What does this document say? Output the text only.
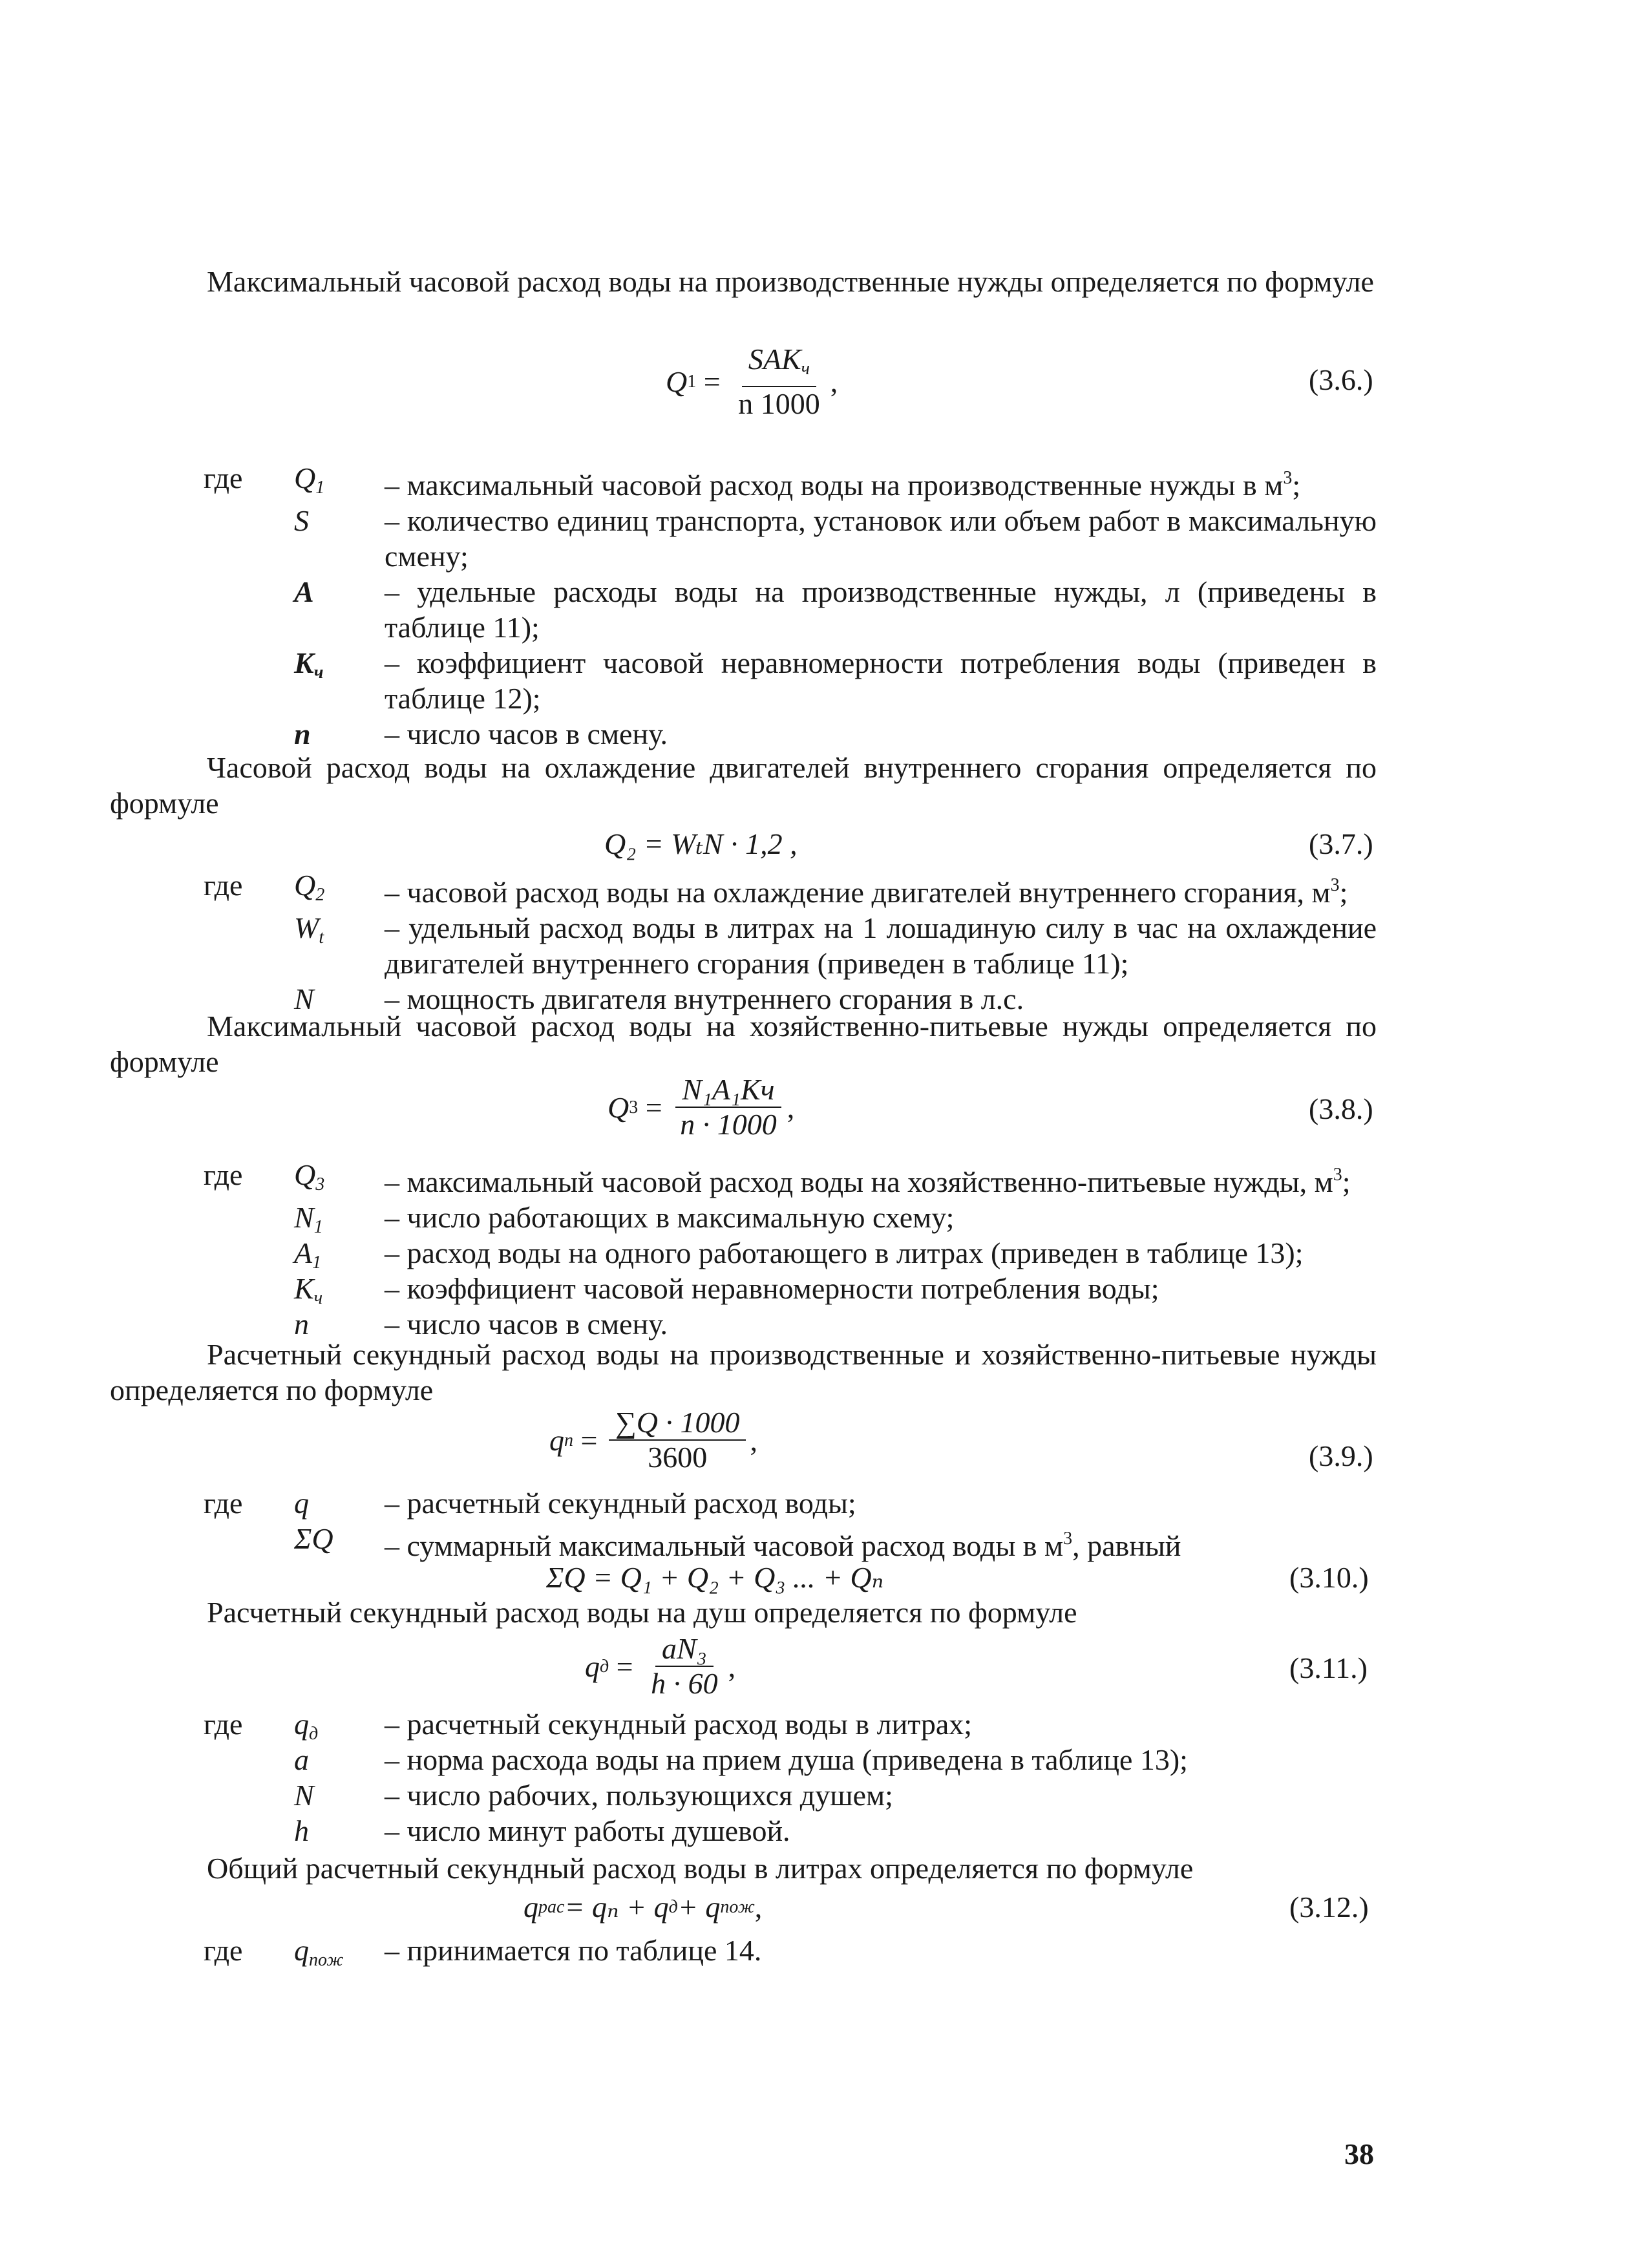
Максимальный часовой расход воды на производственные нужды определяется по формуле
Q $1 = \frac{SAK_ч}{n 1000}$ ,	(3.6.)
где $Q_1$ – максимальный часовой расход воды на производственные нужды в $м^3$;
S	– количество единиц транспорта, установок или объем работ в максимальную смену;
A – удельные расходы воды на производственные нужды, л (приведены в таблице 11);
$K_ч$ – коэффициент часовой неравномерности потребления воды (приведен в таблице 12);
n – число часов в смену.
Часовой расход воды на охлаждение двигателей внутреннего сгорания определяется по формуле
Q₂ = WₜN · 1,2 ,	(3.7.)
где $Q_2$ – часовой расход воды на охлаждение двигателей внутреннего сгорания, $м^3$;
$W_t$ – удельный расход воды в литрах на 1 лошадиную силу в час на охлаждение двигателей внутреннего сгорания (приведен в таблице 11);
N – мощность двигателя внутреннего сгорания в л.с.
Максимальный часовой расход воды на хозяйственно-питьевые нужды определяется по формуле
Q $3 = \frac{\text{N₁A₁Kч}}{n \cdot 1000}$ ,	(3.8.)
где $Q_3$ – максимальный часовой расход воды на хозяйственно-питьевые нужды, $м^3$;
$N_1$ – число работающих в максимальную схему;
$A_1$ – расход воды на одного работающего в литрах (приведен в таблице 13);
$K_ч$ – коэффициент часовой неравномерности потребления воды;
n	– число часов в смену.
Расчетный секундный расход воды на производственные и хозяйственно-питьевые нужды определяется по формуле
q $п = \frac{\sum Q \cdot 1000}{3600}$ ,	(3.9.)
где q	– расчетный секундный расход воды;
ΣQ – суммарный максимальный часовой расход воды в $м^3$, равный
ΣQ = Q₁ + Q₂ + Q₃ ... + Qₙ	(3.10.)
Расчетный секундный расход воды на душ определяется по формуле
q $д = \frac{\text{aN₃}}{h \cdot 60}$ ,	(3.11.)
где $q_д$ – расчетный секундный расход воды в литрах;
a	– норма расхода воды на прием душа (приведена в таблице 13);
N – число рабочих, пользующихся душем;
h	– число минут работы душевой.
Общий расчетный секундный расход воды в литрах определяется по формуле
q рас = qₙ + q д + q пож ,	(3.12.)
где $q_{пож}$ – принимается по таблице 14.
38
